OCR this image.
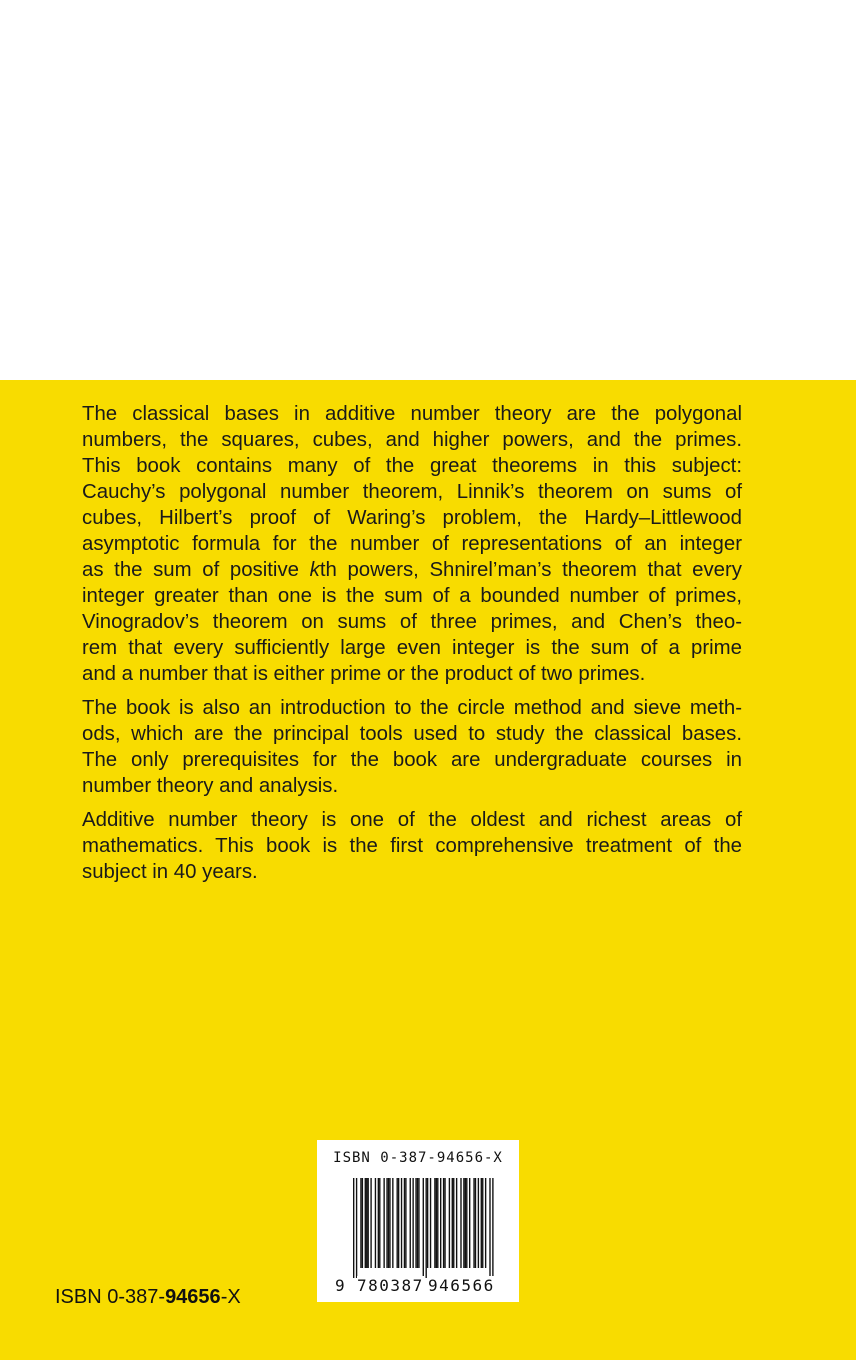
The classical bases in additive number theory are the polygonal
numbers, the squares, cubes, and higher powers, and the primes.
This book contains many of the great theorems in this subject:
Cauchy’s polygonal number theorem, Linnik’s theorem on sums of
cubes, Hilbert’s proof of Waring’s problem, the Hardy–Littlewood
asymptotic formula for the number of representations of an integer
as the sum of positive kth powers, Shnirel’man’s theorem that every
integer greater than one is the sum of a bounded number of primes,
Vinogradov’s theorem on sums of three primes, and Chen’s theo-
rem that every sufficiently large even integer is the sum of a prime
and a number that is either prime or the product of two primes.

The book is also an introduction to the circle method and sieve meth-
ods, which are the principal tools used to study the classical bases.
The only prerequisites for the book are undergraduate courses in
number theory and analysis.

Additive number theory is one of the oldest and richest areas of
mathematics. This book is the first comprehensive treatment of the
subject in 40 years.

ISBN 0-387-94656-X
9 780387 946566
ISBN 0-387-94656-X
